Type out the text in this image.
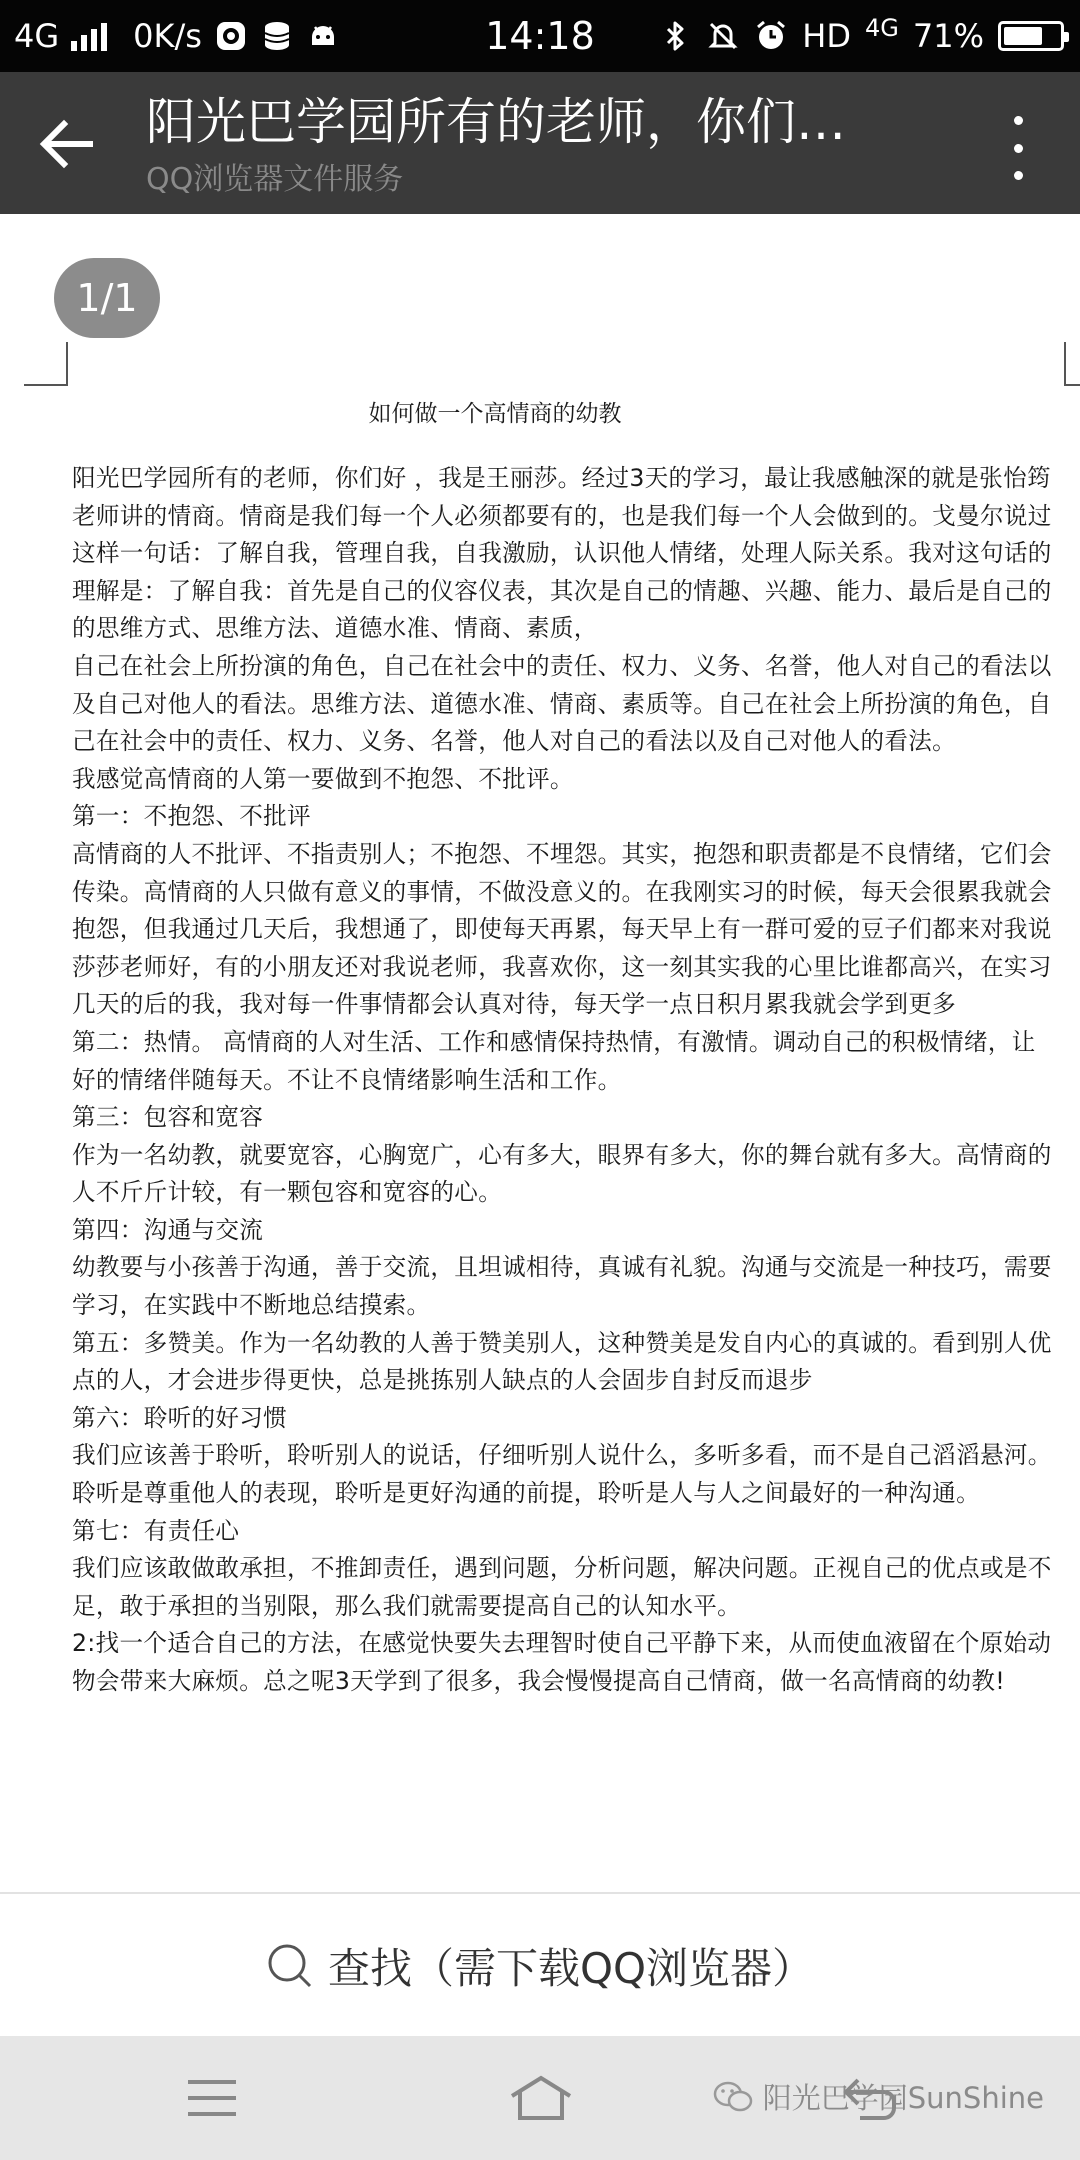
4G 0K/s	14:18	HD 4G 71%
阳光巴学园所有的老师，你们…
QQ浏览器文件服务
1/1
如何做一个高情商的幼教

阳光巴学园所有的老师，你们好 ，我是王丽莎。经过3天的学习，最让我感触深的就是张怡筠老师讲的情商。情商是我们每一个人必须都要有的，也是我们每一个人会做到的。戈曼尔说过这样一句话：了解自我，管理自我，自我激励，认识他人情绪，处理人际关系。我对这句话的理解是：了解自我：首先是自己的仪容仪表，其次是自己的情趣、兴趣、能力、最后是自己的的思维方式、思维方法、道德水准、情商、素质，

自己在社会上所扮演的角色，自己在社会中的责任、权力、义务、名誉，他人对自己的看法以及自己对他人的看法。思维方法、道德水准、情商、素质等。自己在社会上所扮演的角色，自己在社会中的责任、权力、义务、名誉，他人对自己的看法以及自己对他人的看法。

我感觉高情商的人第一要做到不抱怨、不批评。

第一：不抱怨、不批评

高情商的人不批评、不指责别人；不抱怨、不埋怨。其实，抱怨和职责都是不良情绪，它们会传染。高情商的人只做有意义的事情，不做没意义的。在我刚实习的时候，每天会很累我就会抱怨，但我通过几天后，我想通了，即使每天再累，每天早上有一群可爱的豆子们都来对我说莎莎老师好，有的小朋友还对我说老师，我喜欢你，这一刻其实我的心里比谁都高兴，在实习几天的后的我，我对每一件事情都会认真对待，每天学一点日积月累我就会学到更多

第二：热情。 高情商的人对生活、工作和感情保持热情，有激情。调动自己的积极情绪，让好的情绪伴随每天。不让不良情绪影响生活和工作。

第三：包容和宽容

作为一名幼教，就要宽容，心胸宽广，心有多大，眼界有多大，你的舞台就有多大。高情商的人不斤斤计较，有一颗包容和宽容的心。

第四：沟通与交流

幼教要与小孩善于沟通，善于交流，且坦诚相待，真诚有礼貌。沟通与交流是一种技巧，需要学习，在实践中不断地总结摸索。

第五：多赞美。作为一名幼教的人善于赞美别人，这种赞美是发自内心的真诚的。看到别人优点的人，才会进步得更快，总是挑拣别人缺点的人会固步自封反而退步

第六：聆听的好习惯

我们应该善于聆听，聆听别人的说话，仔细听别人说什么，多听多看，而不是自己滔滔悬河。聆听是尊重他人的表现，聆听是更好沟通的前提，聆听是人与人之间最好的一种沟通。

第七：有责任心

我们应该敢做敢承担，不推卸责任，遇到问题，分析问题，解决问题。正视自己的优点或是不足，敢于承担的当别限，那么我们就需要提高自己的认知水平。

2:找一个适合自己的方法，在感觉快要失去理智时使自己平静下来，从而使血液留在个原始动物会带来大麻烦。总之呢3天学到了很多，我会慢慢提高自己情商，做一名高情商的幼教!

查找（需下载QQ浏览器）
阳光巴学园SunShine
